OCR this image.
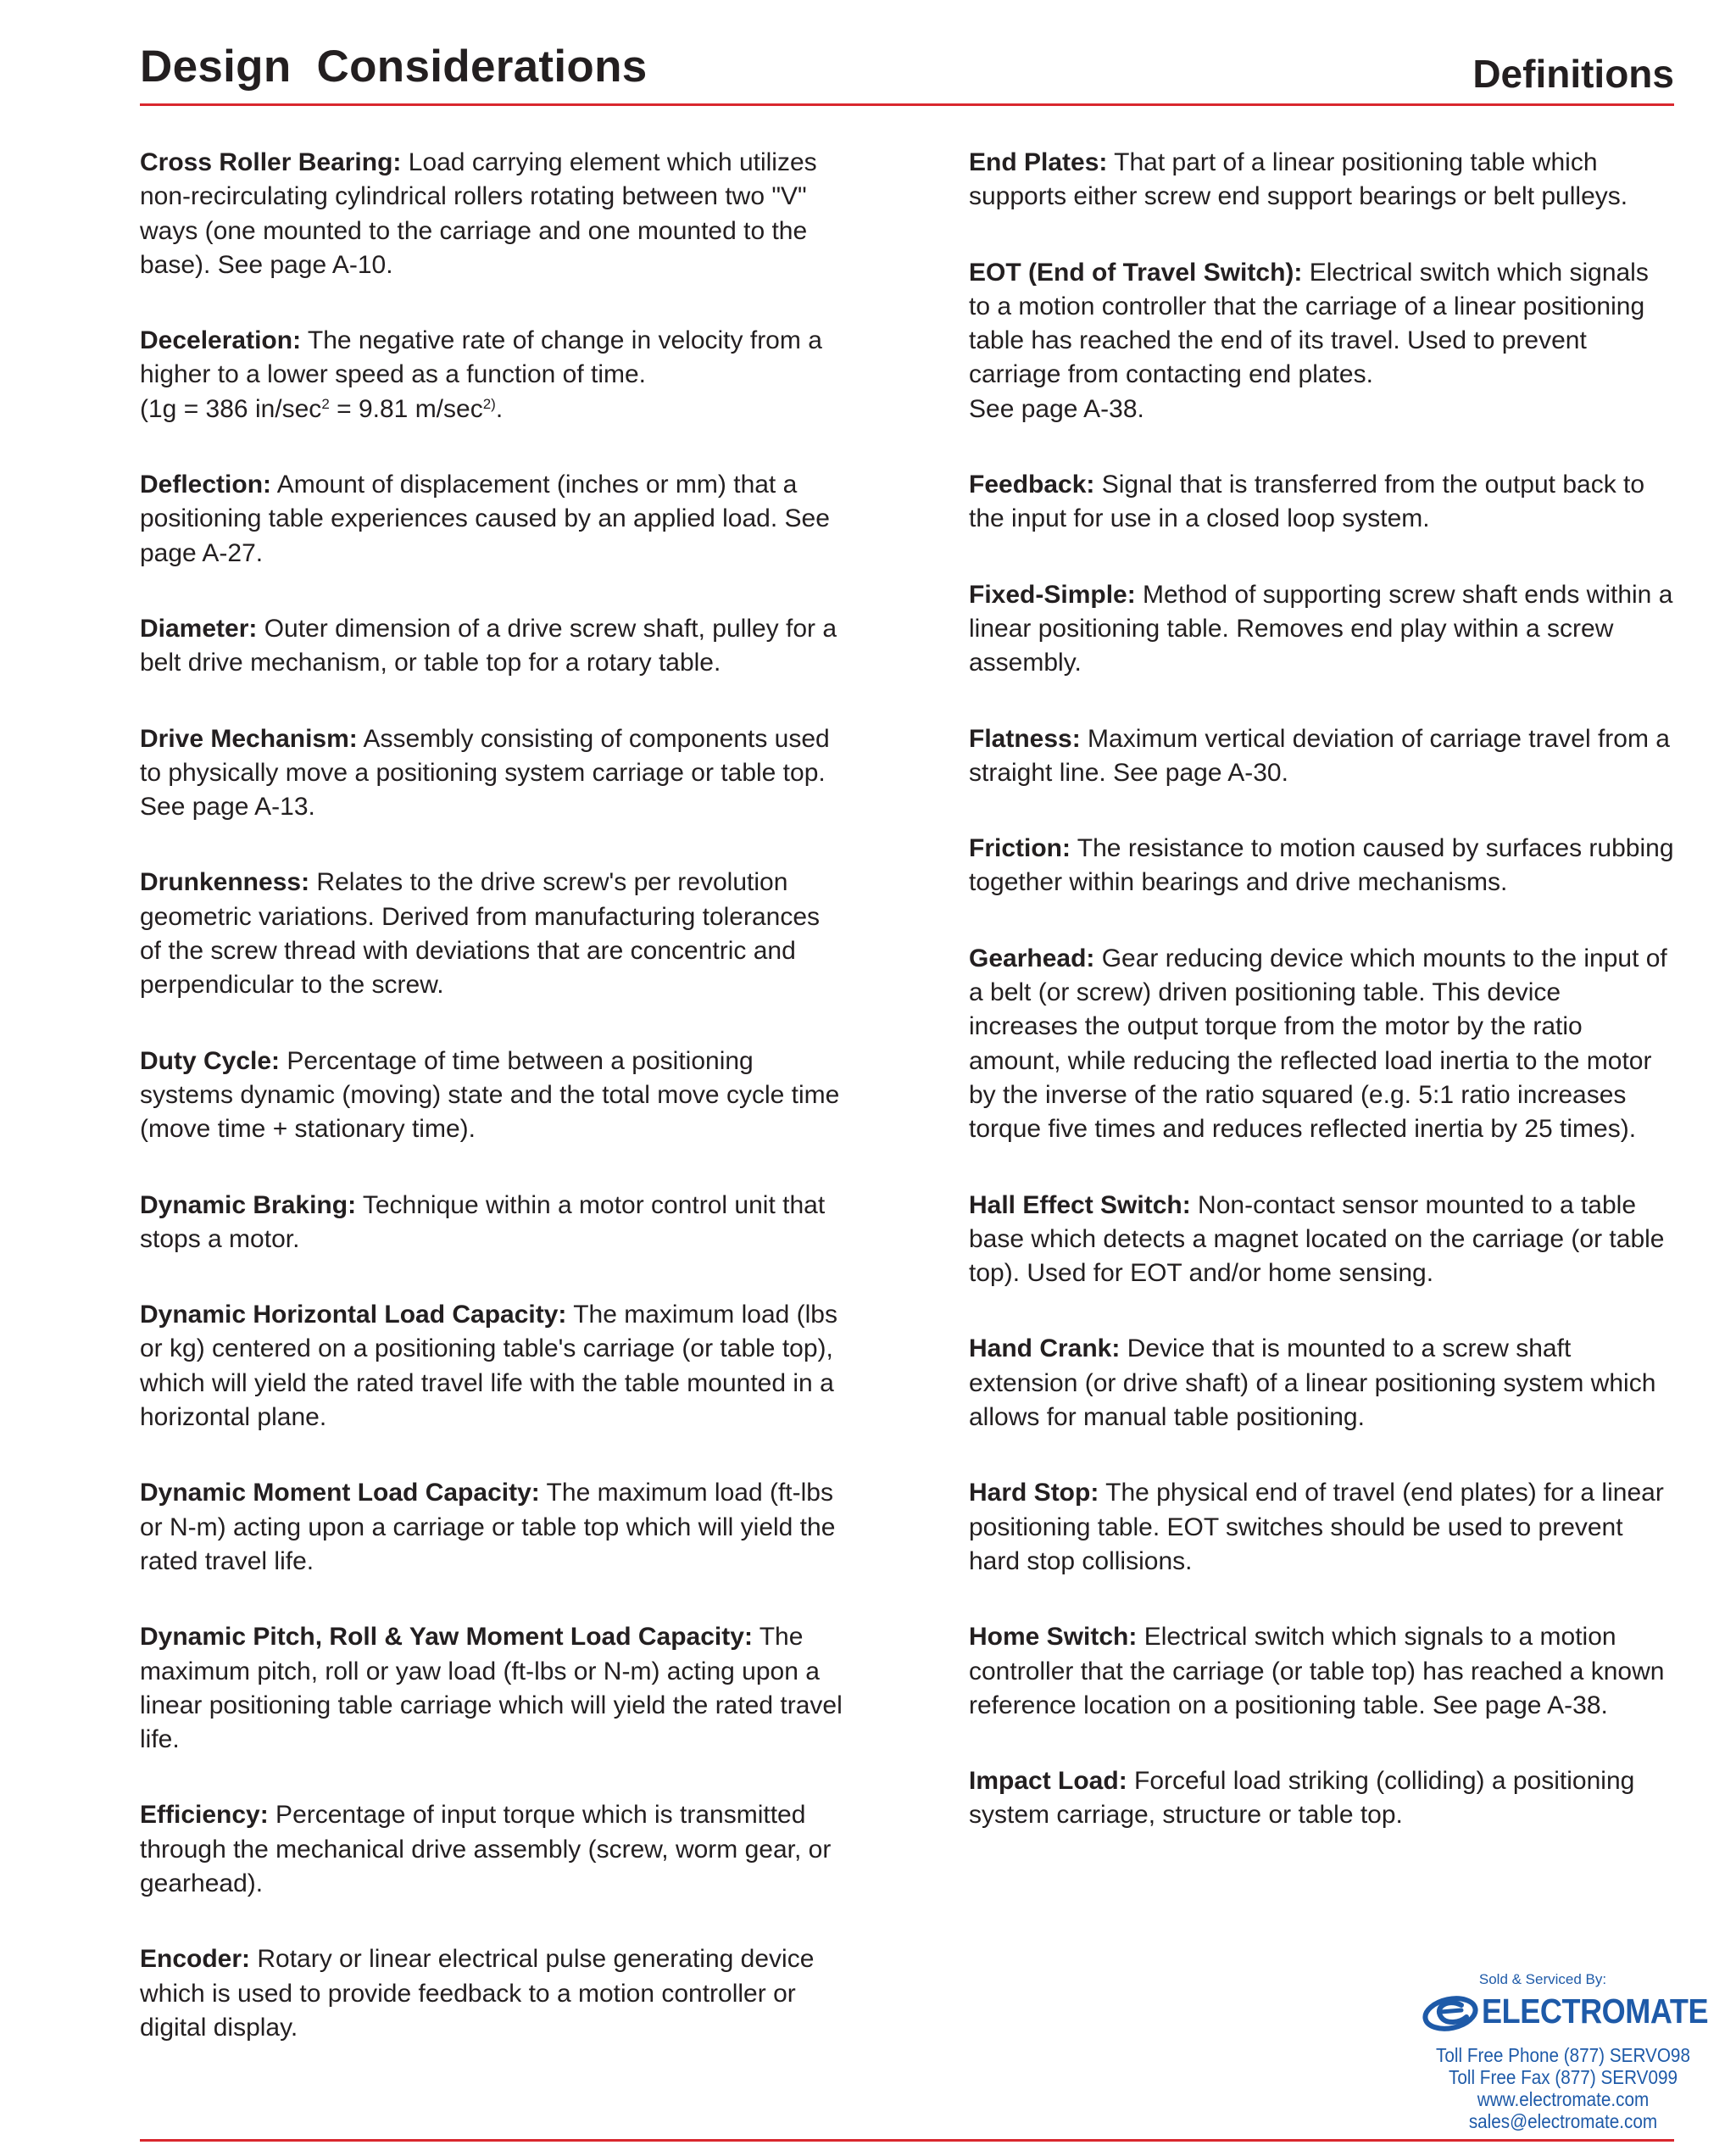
Design  Considerations	Definitions
Cross Roller Bearing: Load carrying element which utilizes non-recirculating cylindrical rollers rotating between two "V" ways (one mounted to the carriage and one mounted to the base). See page A-10.
Deceleration: The negative rate of change in velocity from a higher to a lower speed as a function of time.
(1g = 386 $in/\sec^2 = 9.81$ $m/\sec^{2)}$.
Deflection: Amount of displacement (inches or mm) that a positioning table experiences caused by an applied load. See page A-27.
Diameter: Outer dimension of a drive screw shaft, pulley for a belt drive mechanism, or table top for a rotary table.
Drive Mechanism: Assembly consisting of components used to physically move a positioning system carriage or table top. See page A-13.
Drunkenness: Relates to the drive screw's per revolution geometric variations. Derived from manufacturing tolerances of the screw thread with deviations that are concentric and perpendicular to the screw.
Duty Cycle: Percentage of time between a positioning systems dynamic (moving) state and the total move cycle time (move time + stationary time).
Dynamic Braking: Technique within a motor control unit that stops a motor.
Dynamic Horizontal Load Capacity: The maximum load (lbs or kg) centered on a positioning table's carriage (or table top), which will yield the rated travel life with the table mounted in a horizontal plane.
Dynamic Moment Load Capacity: The maximum load (ft-lbs or N-m) acting upon a carriage or table top which will yield the rated travel life.
Dynamic Pitch, Roll & Yaw Moment Load Capacity: The maximum pitch, roll or yaw load (ft-lbs or N-m) acting upon a linear positioning table carriage which will yield the rated travel life.
Efficiency: Percentage of input torque which is transmitted through the mechanical drive assembly (screw, worm gear, or gearhead).
Encoder: Rotary or linear electrical pulse generating device which is used to provide feedback to a motion controller or digital display.
End Plates: That part of a linear positioning table which supports either screw end support bearings or belt pulleys.
EOT (End of Travel Switch): Electrical switch which signals to a motion controller that the carriage of a linear positioning table has reached the end of its travel. Used to prevent carriage from contacting end plates.
See page A-38.
Feedback: Signal that is transferred from the output back to the input for use in a closed loop system.
Fixed-Simple: Method of supporting screw shaft ends within a linear positioning table. Removes end play within a screw assembly.
Flatness: Maximum vertical deviation of carriage travel from a straight line. See page A-30.
Friction: The resistance to motion caused by surfaces rubbing together within bearings and drive mechanisms.
Gearhead: Gear reducing device which mounts to the input of a belt (or screw) driven positioning table. This device increases the output torque from the motor by the ratio amount, while reducing the reflected load inertia to the motor by the inverse of the ratio squared (e.g. 5:1 ratio increases torque five times and reduces reflected inertia by 25 times).
Hall Effect Switch: Non-contact sensor mounted to a table base which detects a magnet located on the carriage (or table top). Used for EOT and/or home sensing.
Hand Crank: Device that is mounted to a screw shaft extension (or drive shaft) of a linear positioning system which allows for manual table positioning.
Hard Stop: The physical end of travel (end plates) for a linear positioning table. EOT switches should be used to prevent hard stop collisions.
Home Switch: Electrical switch which signals to a motion controller that the carriage (or table top) has reached a known reference location on a positioning table. See page A-38.
Impact Load: Forceful load striking (colliding) a positioning system carriage, structure or table top.
Sold & Serviced By:
ELECTROMATE
Toll Free Phone (877) SERVO98
Toll Free Fax (877) SERV099
www.electromate.com
sales@electromate.com
